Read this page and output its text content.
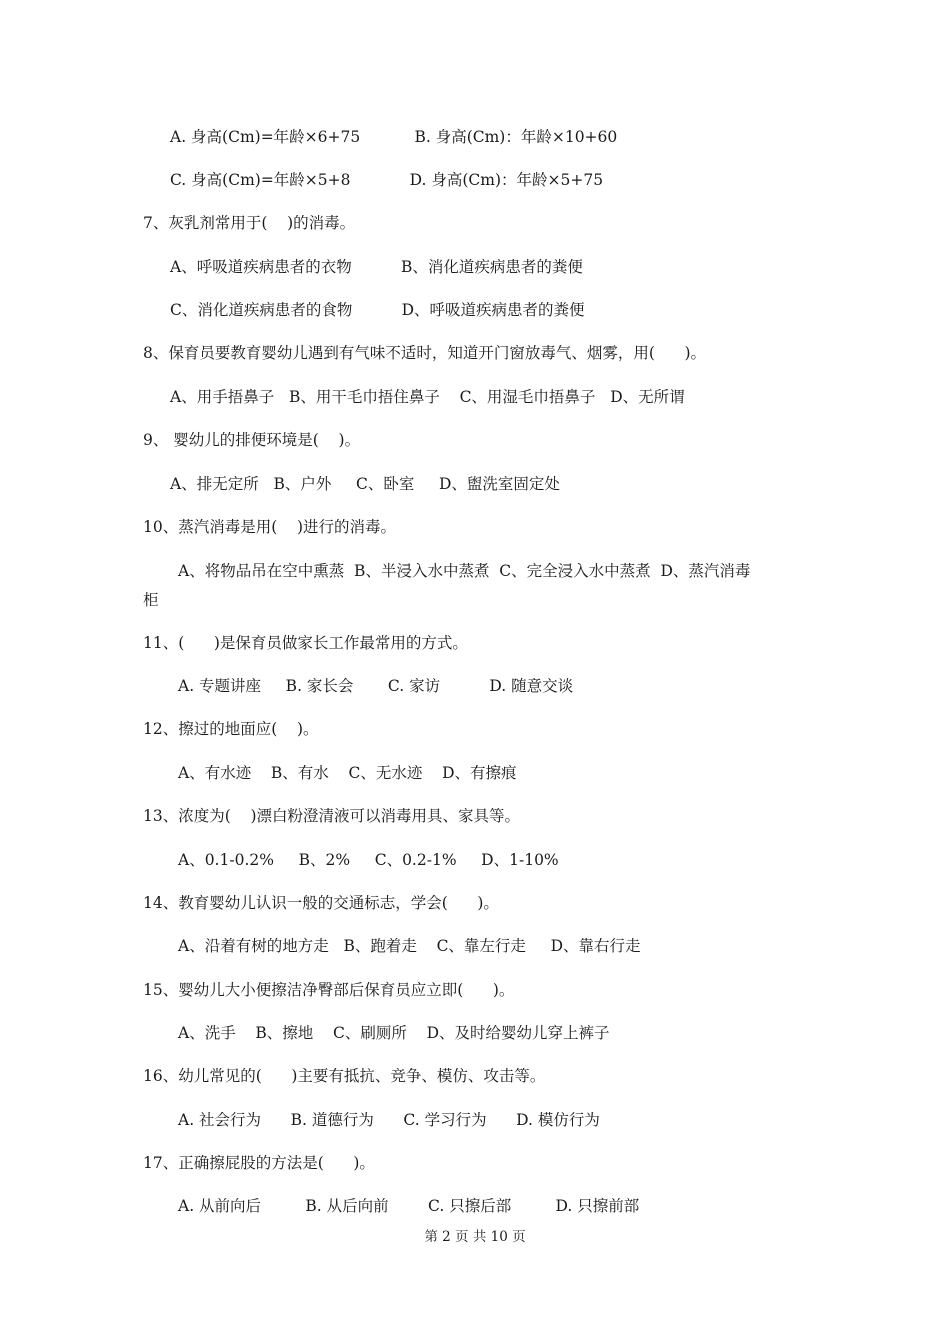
A. 身高(Cm)=年龄×6+75           B. 身高(Cm)：年龄×10+60
C. 身高(Cm)=年龄×5+8            D. 身高(Cm)：年龄×5+75
7、灰乳剂常用于(    )的消毒。
A、呼吸道疾病患者的衣物          B、消化道疾病患者的粪便
C、消化道疾病患者的食物          D、呼吸道疾病患者的粪便
8、保育员要教育婴幼儿遇到有气味不适时，知道开门窗放毒气、烟雾，用(      )。
A、用手捂鼻子   B、用干毛巾捂住鼻子    C、用湿毛巾捂鼻子   D、无所谓
9、 婴幼儿的排便环境是(    )。
A、排无定所   B、户外     C、卧室     D、盥洗室固定处
10、蒸汽消毒是用(    )进行的消毒。
A、将物品吊在空中熏蒸  B、半浸入水中蒸煮  C、完全浸入水中蒸煮  D、蒸汽消毒
柜
11、(      )是保育员做家长工作最常用的方式。
A. 专题讲座     B. 家长会       C. 家访          D. 随意交谈
12、擦过的地面应(    )。
A、有水迹    B、有水    C、无水迹    D、有擦痕
13、浓度为(    )漂白粉澄清液可以消毒用具、家具等。
A、0.1-0.2%     B、2%     C、0.2-1%     D、1-10%
14、教育婴幼儿认识一般的交通标志，学会(      )。
A、沿着有树的地方走   B、跑着走    C、靠左行走     D、靠右行走
15、婴幼儿大小便擦洁净臀部后保育员应立即(      )。
A、洗手    B、擦地    C、刷厕所    D、及时给婴幼儿穿上裤子
16、幼儿常见的(      )主要有抵抗、竞争、模仿、攻击等。
A. 社会行为      B. 道德行为      C. 学习行为      D. 模仿行为
17、正确擦屁股的方法是(      )。
A. 从前向后         B. 从后向前        C. 只擦后部         D. 只擦前部
第 2 页 共 10 页
